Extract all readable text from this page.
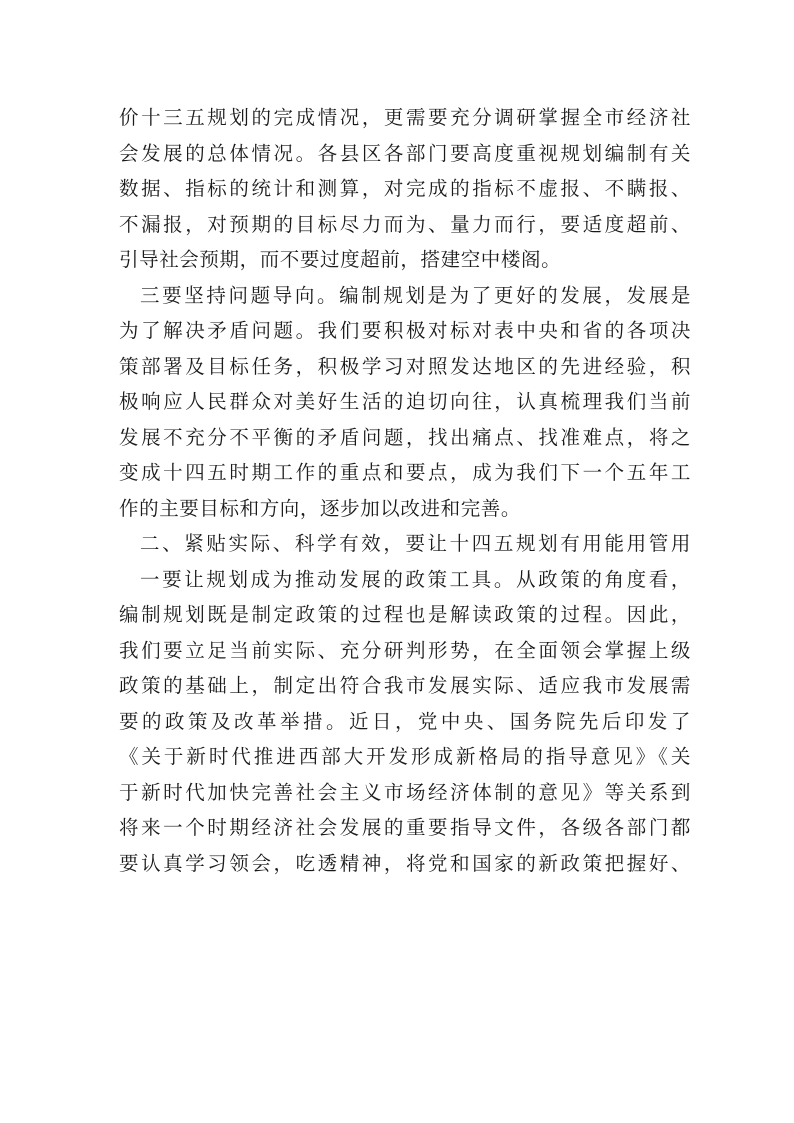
价十三五规划的完成情况，更需要充分调研掌握全市经济社
会发展的总体情况。各县区各部门要高度重视规划编制有关
数据、指标的统计和测算，对完成的指标不虚报、不瞒报、
不漏报，对预期的目标尽力而为、量力而行，要适度超前、
引导社会预期，而不要过度超前，搭建空中楼阁。
三要坚持问题导向。编制规划是为了更好的发展，发展是
为了解决矛盾问题。我们要积极对标对表中央和省的各项决
策部署及目标任务，积极学习对照发达地区的先进经验，积
极响应人民群众对美好生活的迫切向往，认真梳理我们当前
发展不充分不平衡的矛盾问题，找出痛点、找准难点，将之
变成十四五时期工作的重点和要点，成为我们下一个五年工
作的主要目标和方向，逐步加以改进和完善。
二、紧贴实际、科学有效，要让十四五规划有用能用管用
一要让规划成为推动发展的政策工具。从政策的角度看，
编制规划既是制定政策的过程也是解读政策的过程。因此，
我们要立足当前实际、充分研判形势，在全面领会掌握上级
政策的基础上，制定出符合我市发展实际、适应我市发展需
要的政策及改革举措。近日，党中央、国务院先后印发了
《关于新时代推进西部大开发形成新格局的指导意见》《关
于新时代加快完善社会主义市场经济体制的意见》等关系到
将来一个时期经济社会发展的重要指导文件，各级各部门都
要认真学习领会，吃透精神，将党和国家的新政策把握好、
